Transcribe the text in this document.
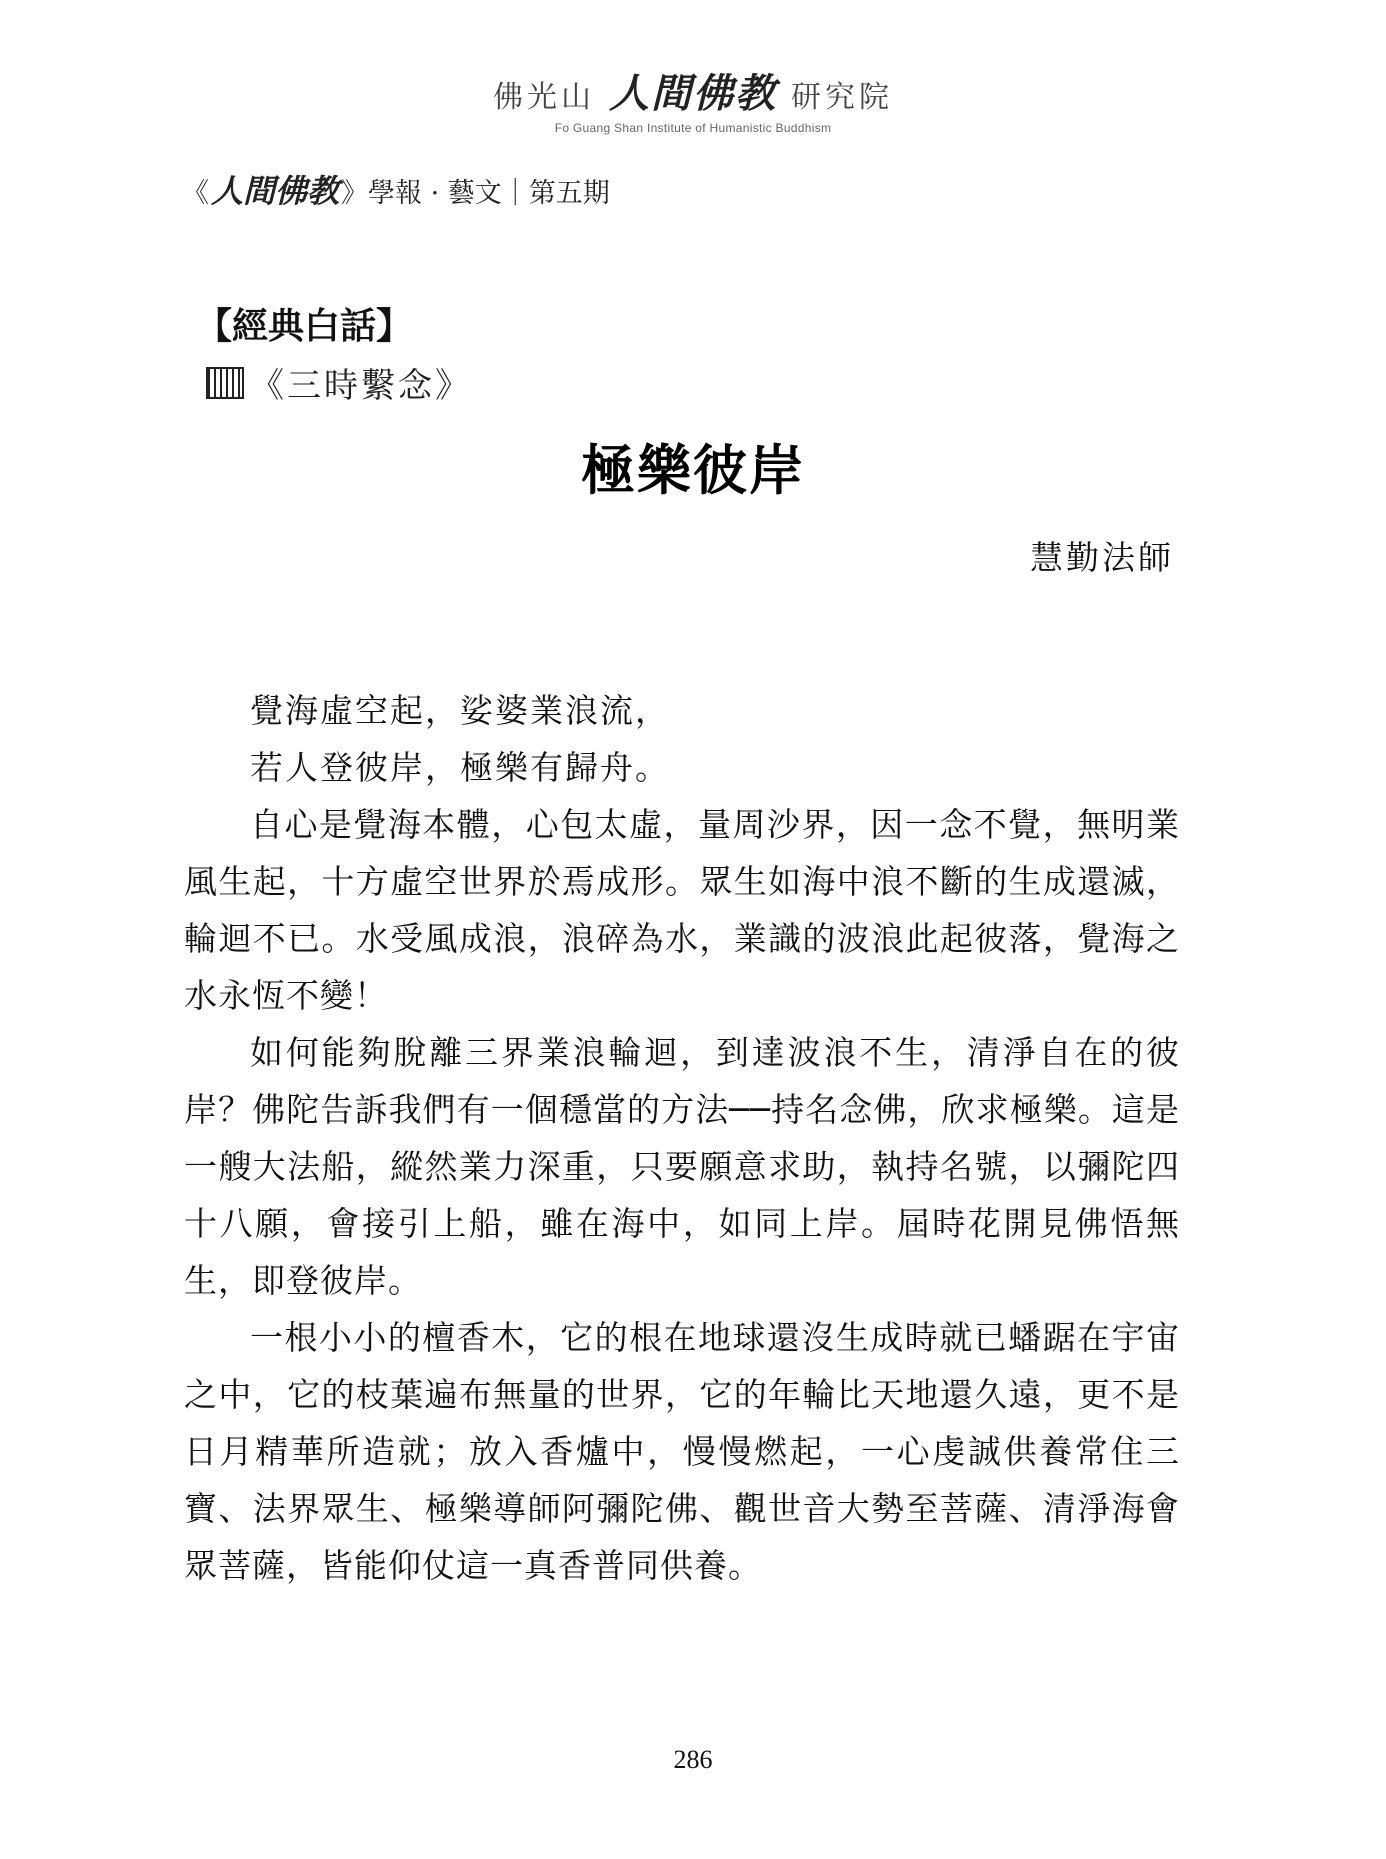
佛光山 人間佛教 研究院
Fo Guang Shan Institute of Humanistic Buddhism
《 人間佛教 》 學報 · 藝文｜第五期
【經典白話】
《三時繫念》
極樂彼岸
慧勤法師

覺海虛空起，娑婆業浪流，

若人登彼岸，極樂有歸舟。

自心是覺海本體，心包太虛，量周沙界，因一念不覺，無明業風生起，十方虛空世界於焉成形。眾生如海中浪不斷的生成還滅，輪迴不已。水受風成浪，浪碎為水，業識的波浪此起彼落，覺海之水永恆不變！

如何能夠脫離三界業浪輪迴，到達波浪不生，清淨自在的彼岸？佛陀告訴我們有一個穩當的方法──持名念佛，欣求極樂。這是一艘大法船，縱然業力深重，只要願意求助，執持名號，以彌陀四十八願，會接引上船，雖在海中，如同上岸。屆時花開見佛悟無生，即登彼岸。

一根小小的檀香木，它的根在地球還沒生成時就已蟠踞在宇宙之中，它的枝葉遍布無量的世界，它的年輪比天地還久遠，更不是日月精華所造就；放入香爐中，慢慢燃起，一心虔誠供養常住三寶、法界眾生、極樂導師阿彌陀佛、觀世音大勢至菩薩、清淨海會眾菩薩，皆能仰仗這一真香普同供養。

286
